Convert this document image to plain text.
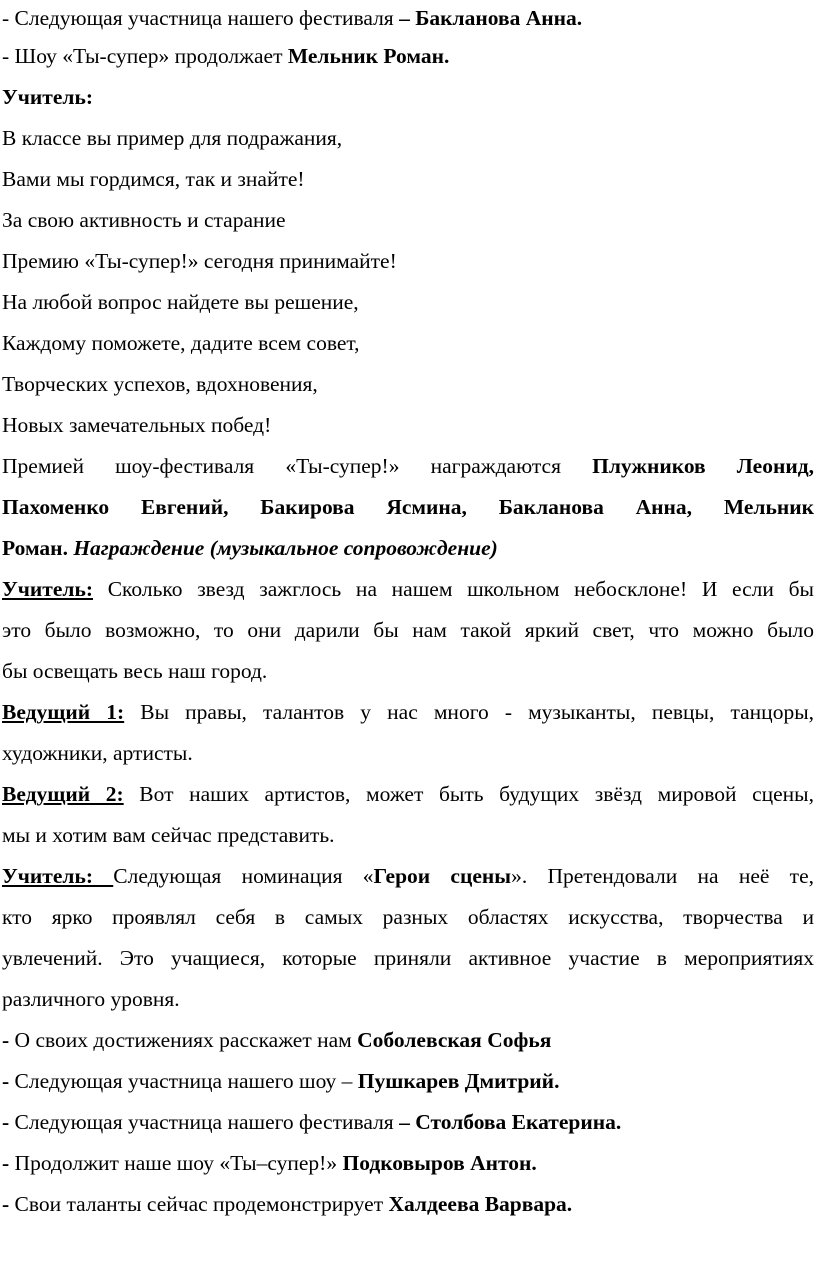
- Следующая участница нашего фестиваля – Бакланова Анна.
- Шоу «Ты-супер» продолжает Мельник Роман.
Учитель:
В классе вы пример для подражания,
Вами мы гордимся, так и знайте!
За свою активность и старание
Премию «Ты-супер!» сегодня принимайте!
На любой вопрос найдете вы решение,
Каждому поможете, дадите всем совет,
Творческих успехов, вдохновения,
Новых замечательных побед!
Премией шоу-фестиваля «Ты-супер!» награждаются Плужников Леонид,
Пахоменко Евгений, Бакирова Ясмина, Бакланова Анна, Мельник
Роман. Награждение (музыкальное сопровождение)
Учитель: Сколько звезд зажглось на нашем школьном небосклоне! И если бы
это было возможно, то они дарили бы нам такой яркий свет, что можно было
бы освещать весь наш город.
Ведущий 1: Вы правы, талантов у нас много - музыканты, певцы, танцоры,
художники, артисты.
Ведущий 2: Вот наших артистов, может быть будущих звёзд мировой сцены,
мы и хотим вам сейчас представить.
Учитель: Следующая номинация «Герои сцены». Претендовали на неё те,
кто ярко проявлял себя в самых разных областях искусства, творчества и
увлечений. Это учащиеся, которые приняли активное участие в мероприятиях
различного уровня.
- О своих достижениях расскажет нам Соболевская Софья
- Следующая участница нашего шоу – Пушкарев Дмитрий.
- Следующая участница нашего фестиваля – Столбова Екатерина.
- Продолжит наше шоу «Ты–супер!» Подковыров Антон.
- Свои таланты сейчас продемонстрирует Халдеева Варвара.
